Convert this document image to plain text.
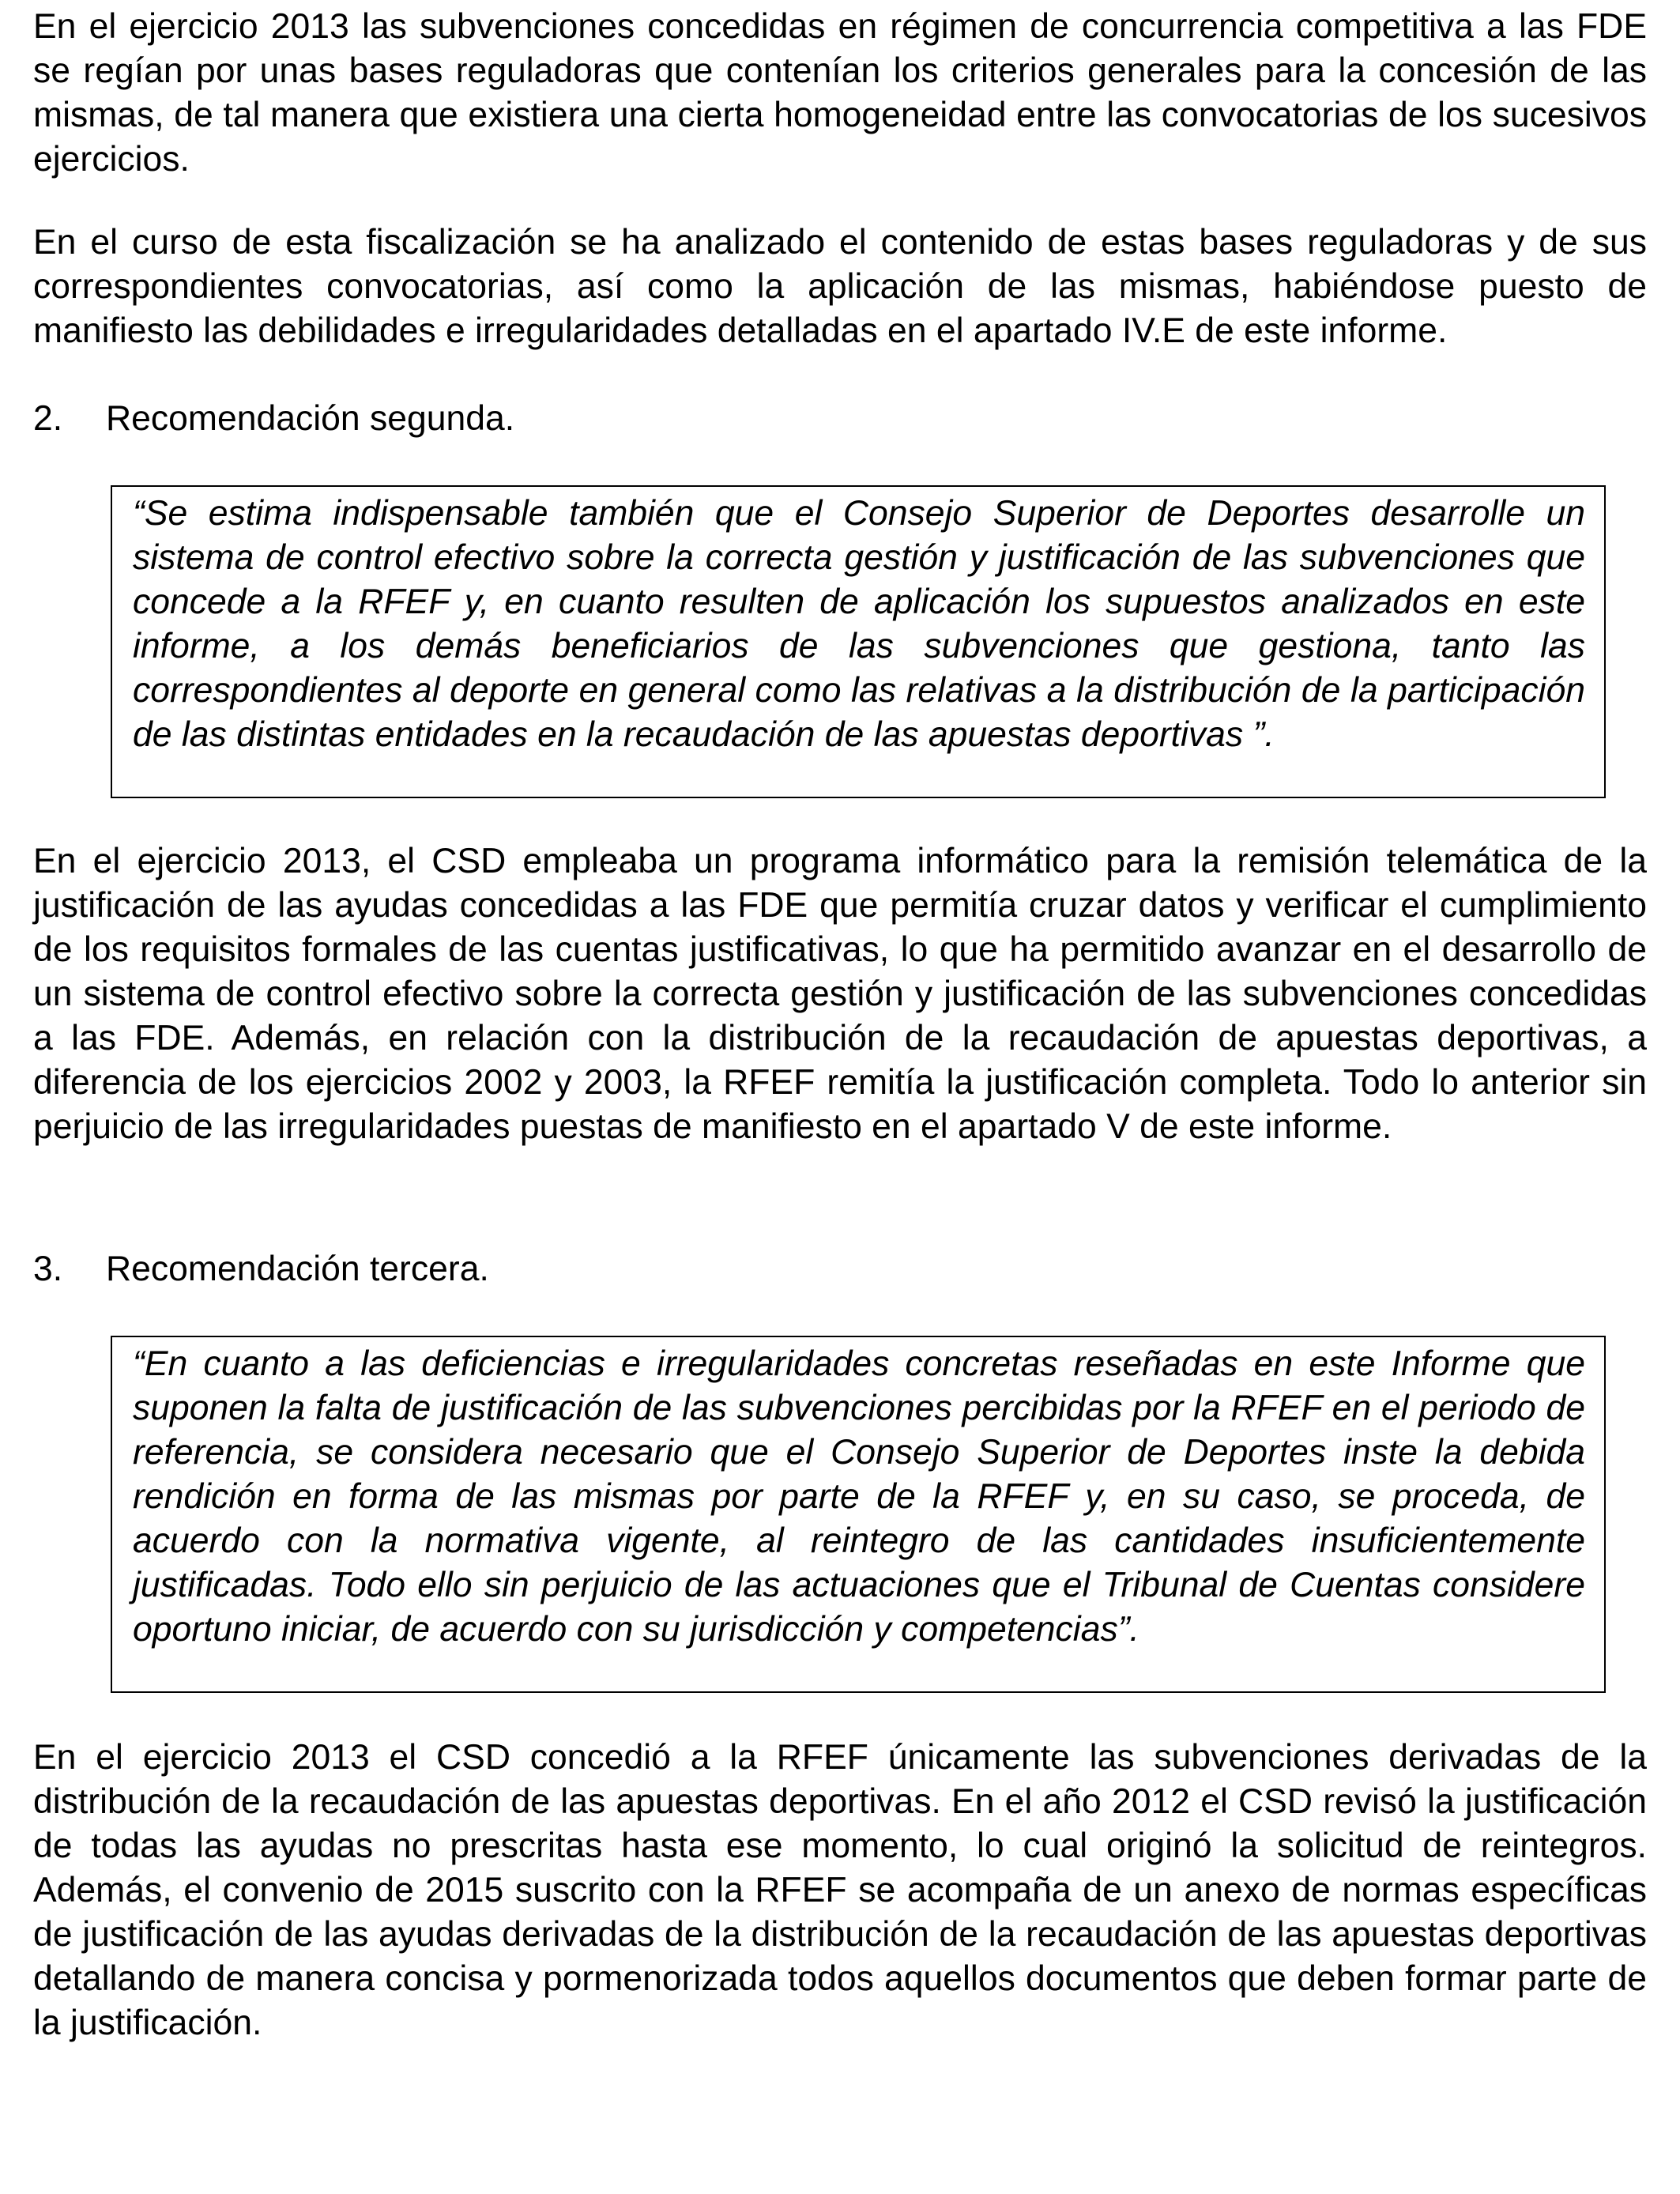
En el ejercicio 2013 las subvenciones concedidas en régimen de concurrencia competitiva a las FDE se regían por unas bases reguladoras que contenían los criterios generales para la concesión de las mismas, de tal manera que existiera una cierta homogeneidad entre las convocatorias de los sucesivos ejercicios.

En el curso de esta fiscalización se ha analizado el contenido de estas bases reguladoras y de sus correspondientes convocatorias, así como la aplicación de las mismas, habiéndose puesto de manifiesto las debilidades e irregularidades detalladas en el apartado IV.E de este informe.

2. Recomendación segunda.

“Se estima indispensable también que el Consejo Superior de Deportes desarrolle un sistema de control efectivo sobre la correcta gestión y justificación de las subvenciones que concede a la RFEF y, en cuanto resulten de aplicación los supuestos analizados en este informe, a los demás beneficiarios de las subvenciones que gestiona, tanto las correspondientes al deporte en general como las relativas a la distribución de la participación de las distintas entidades en la recaudación de las apuestas deportivas ”.

En el ejercicio 2013, el CSD empleaba un programa informático para la remisión telemática de la justificación de las ayudas concedidas a las FDE que permitía cruzar datos y verificar el cumplimiento de los requisitos formales de las cuentas justificativas, lo que ha permitido avanzar en el desarrollo de un sistema de control efectivo sobre la correcta gestión y justificación de las subvenciones concedidas a las FDE. Además, en relación con la distribución de la recaudación de apuestas deportivas, a diferencia de los ejercicios 2002 y 2003, la RFEF remitía la justificación completa. Todo lo anterior sin perjuicio de las irregularidades puestas de manifiesto en el apartado V de este informe.

3. Recomendación tercera.

“En cuanto a las deficiencias e irregularidades concretas reseñadas en este Informe que suponen la falta de justificación de las subvenciones percibidas por la RFEF en el periodo de referencia, se considera necesario que el Consejo Superior de Deportes inste la debida rendición en forma de las mismas por parte de la RFEF y, en su caso, se proceda, de acuerdo con la normativa vigente, al reintegro de las cantidades insuficientemente justificadas. Todo ello sin perjuicio de las actuaciones que el Tribunal de Cuentas considere oportuno iniciar, de acuerdo con su jurisdicción y competencias”.

En el ejercicio 2013 el CSD concedió a la RFEF únicamente las subvenciones derivadas de la distribución de la recaudación de las apuestas deportivas. En el año 2012 el CSD revisó la justificación de todas las ayudas no prescritas hasta ese momento, lo cual originó la solicitud de reintegros. Además, el convenio de 2015 suscrito con la RFEF se acompaña de un anexo de normas específicas de justificación de las ayudas derivadas de la distribución de la recaudación de las apuestas deportivas detallando de manera concisa y pormenorizada todos aquellos documentos que deben formar parte de la justificación.
